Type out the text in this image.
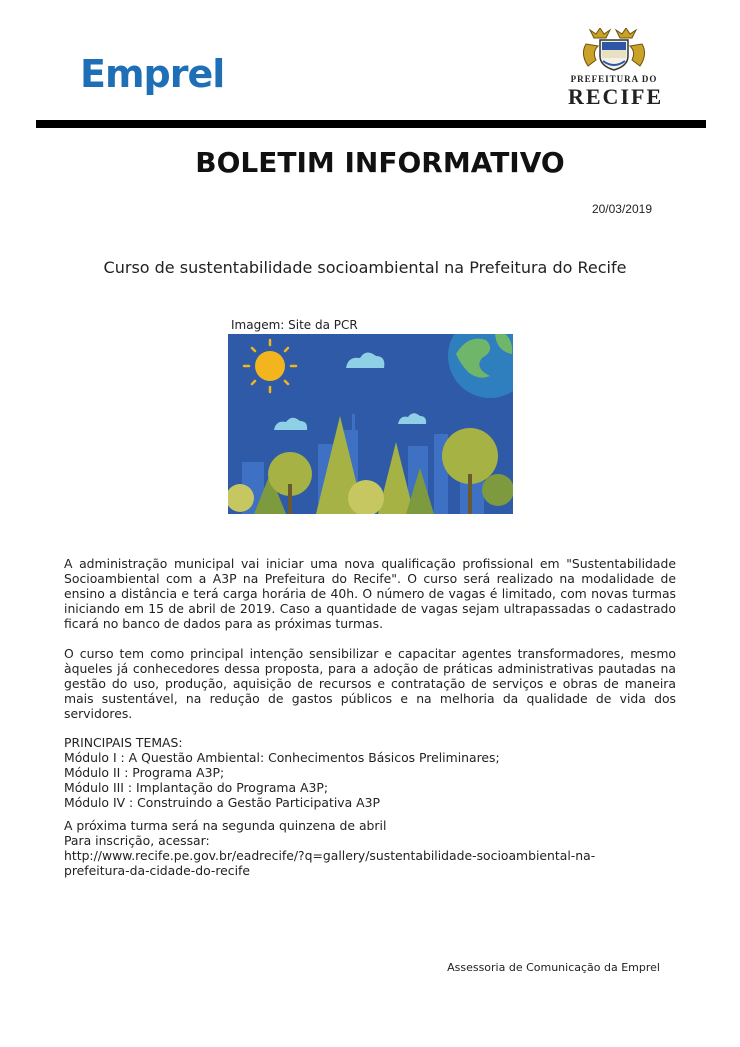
Emprel	PREFEITURA DO
RECIFE
BOLETIM INFORMATIVO
20/03/2019
Curso de sustentabilidade socioambiental na Prefeitura do Recife
Imagem: Site da PCR
A administração municipal vai iniciar uma nova qualificação profissional em "Sustentabilidade Socioambiental com a A3P na Prefeitura do Recife". O curso será realizado na modalidade de ensino a distância e terá carga horária de 40h. O número de vagas é limitado, com novas turmas iniciando em 15 de abril de 2019. Caso a quantidade de vagas sejam ultrapassadas o cadastrado ficará no banco de dados para as próximas turmas.
O curso tem como principal intenção sensibilizar e capacitar agentes transformadores, mesmo àqueles já conhecedores dessa proposta, para a adoção de práticas administrativas pautadas na gestão do uso, produção, aquisição de recursos e contratação de serviços e obras de maneira mais sustentável, na redução de gastos públicos e na melhoria da qualidade de vida dos servidores.
PRINCIPAIS TEMAS:
Módulo I : A Questão Ambiental: Conhecimentos Básicos Preliminares;
Módulo II : Programa A3P;
Módulo III : Implantação do Programa A3P;
Módulo IV : Construindo a Gestão Participativa A3P
A próxima turma será na segunda quinzena de abril
Para inscrição, acessar:
http://www.recife.pe.gov.br/eadrecife/?q=gallery/sustentabilidade-socioambiental-na-
prefeitura-da-cidade-do-recife
Assessoria de Comunicação da Emprel
